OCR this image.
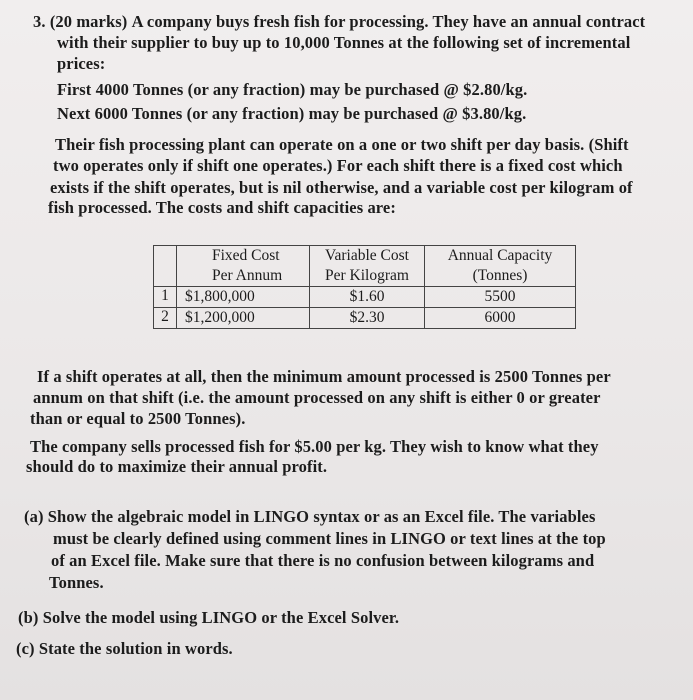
3. (20 marks) A company buys fresh fish for processing. They have an annual contract
with their supplier to buy up to 10,000 Tonnes at the following set of incremental
prices:
First 4000 Tonnes (or any fraction) may be purchased @ $2.80/kg.
Next 6000 Tonnes (or any fraction) may be purchased @ $3.80/kg.
Their fish processing plant can operate on a one or two shift per day basis. (Shift
two operates only if shift one operates.) For each shift there is a fixed cost which
exists if the shift operates, but is nil otherwise, and a variable cost per kilogram of
fish processed. The costs and shift capacities are:
	Fixed Cost	Variable Cost	Annual Capacity
	Per Annum	Per Kilogram	(Tonnes)
1	$1,800,000	$1.60	5500
2	$1,200,000	$2.30	6000
If a shift operates at all, then the minimum amount processed is 2500 Tonnes per
annum on that shift (i.e. the amount processed on any shift is either 0 or greater
than or equal to 2500 Tonnes).
The company sells processed fish for $5.00 per kg. They wish to know what they
should do to maximize their annual profit.
(a) Show the algebraic model in LINGO syntax or as an Excel file. The variables
must be clearly defined using comment lines in LINGO or text lines at the top
of an Excel file. Make sure that there is no confusion between kilograms and
Tonnes.
(b) Solve the model using LINGO or the Excel Solver.
(c) State the solution in words.
